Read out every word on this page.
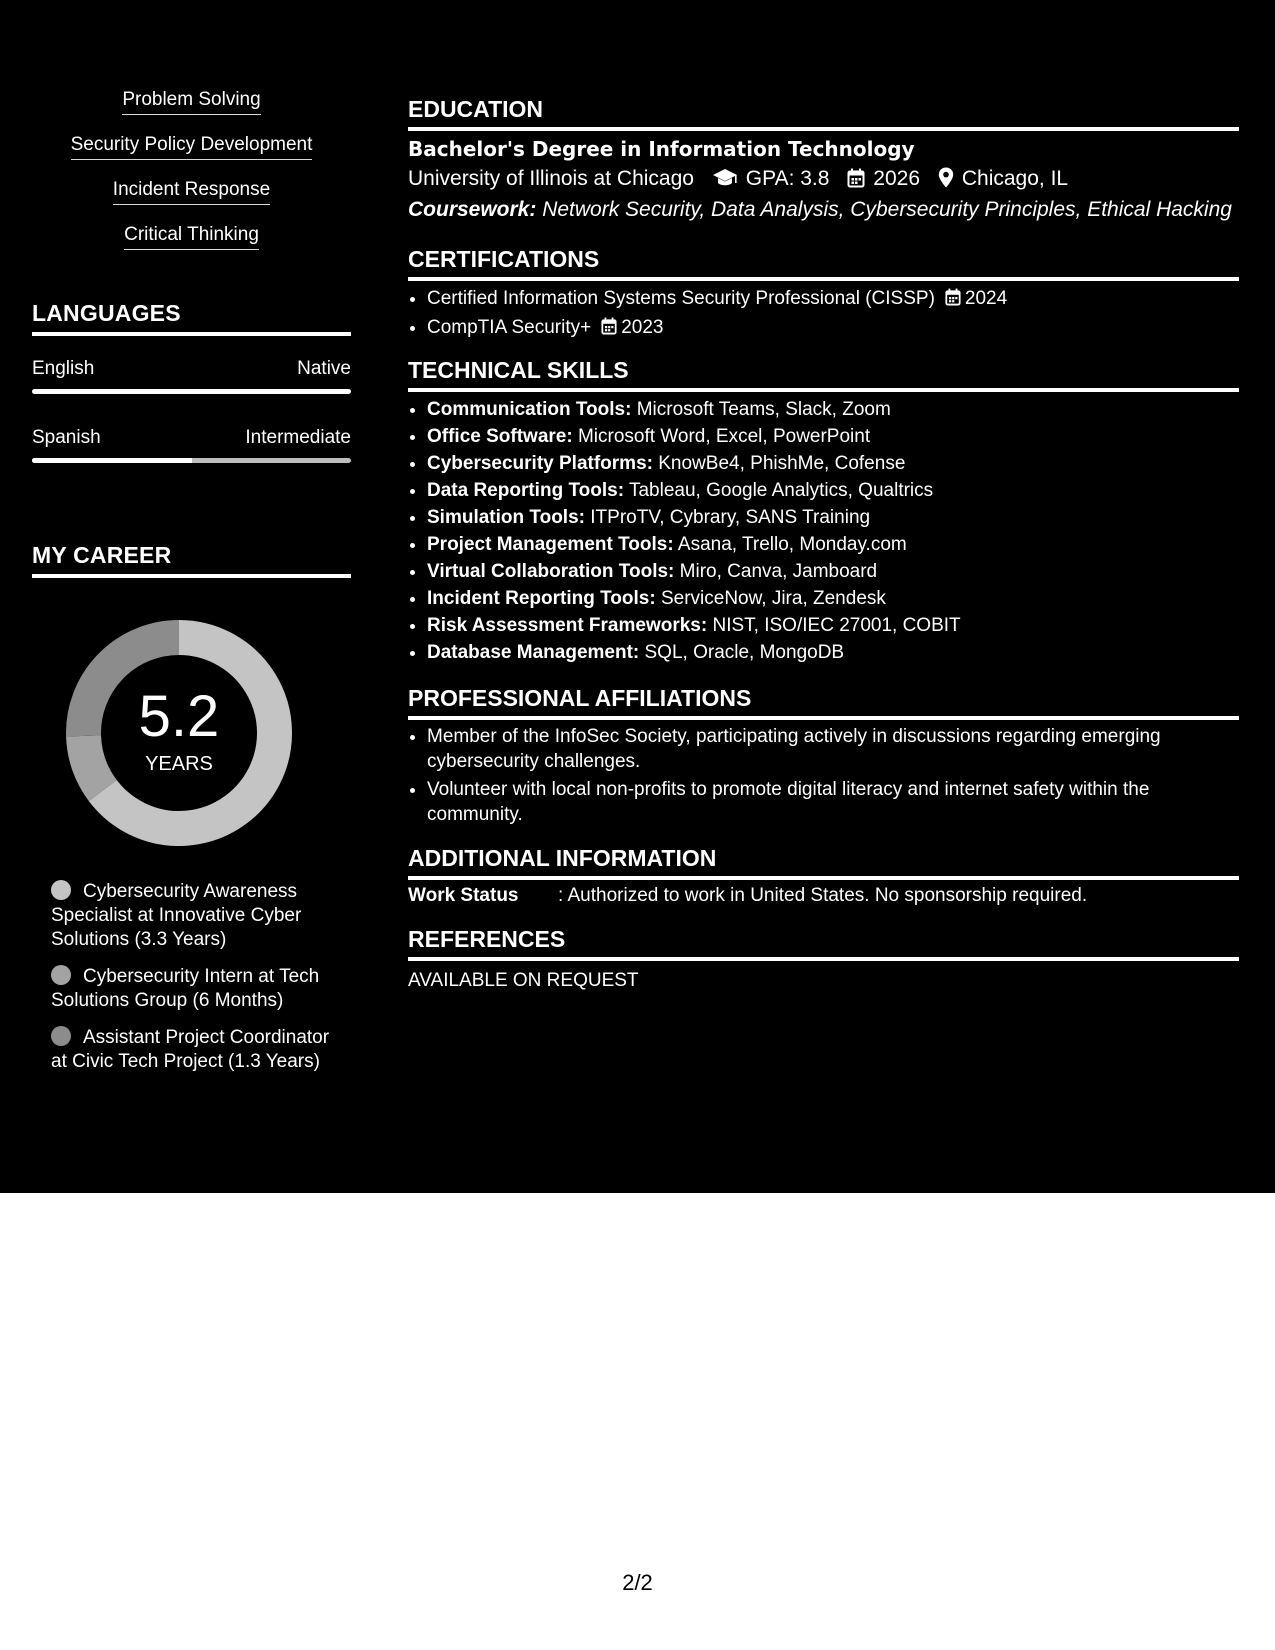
Problem Solving
Security Policy Development
Incident Response
Critical Thinking
LANGUAGES
English	Native
Spanish	Intermediate
MY CAREER
5.2
YEARS
Cybersecurity Awareness Specialist at Innovative Cyber Solutions (3.3 Years)
Cybersecurity Intern at Tech Solutions Group (6 Months)
Assistant Project Coordinator at Civic Tech Project (1.3 Years)
EDUCATION
Bachelor's Degree in Information Technology
University of Illinois at Chicago GPA: 3.8 2026 Chicago, IL
Coursework: Network Security, Data Analysis, Cybersecurity Principles, Ethical Hacking
CERTIFICATIONS
• Certified Information Systems Security Professional (CISSP) 2024
• CompTIA Security+ 2023
TECHNICAL SKILLS
• Communication Tools: Microsoft Teams, Slack, Zoom
• Office Software: Microsoft Word, Excel, PowerPoint
• Cybersecurity Platforms: KnowBe4, PhishMe, Cofense
• Data Reporting Tools: Tableau, Google Analytics, Qualtrics
• Simulation Tools: ITProTV, Cybrary, SANS Training
• Project Management Tools: Asana, Trello, Monday.com
• Virtual Collaboration Tools: Miro, Canva, Jamboard
• Incident Reporting Tools: ServiceNow, Jira, Zendesk
• Risk Assessment Frameworks: NIST, ISO/IEC 27001, COBIT
• Database Management: SQL, Oracle, MongoDB
PROFESSIONAL AFFILIATIONS
• Member of the InfoSec Society, participating actively in discussions regarding emerging cybersecurity challenges.
• Volunteer with local non-profits to promote digital literacy and internet safety within the community.
ADDITIONAL INFORMATION
Work Status : Authorized to work in United States. No sponsorship required.
REFERENCES
AVAILABLE ON REQUEST
2/2
